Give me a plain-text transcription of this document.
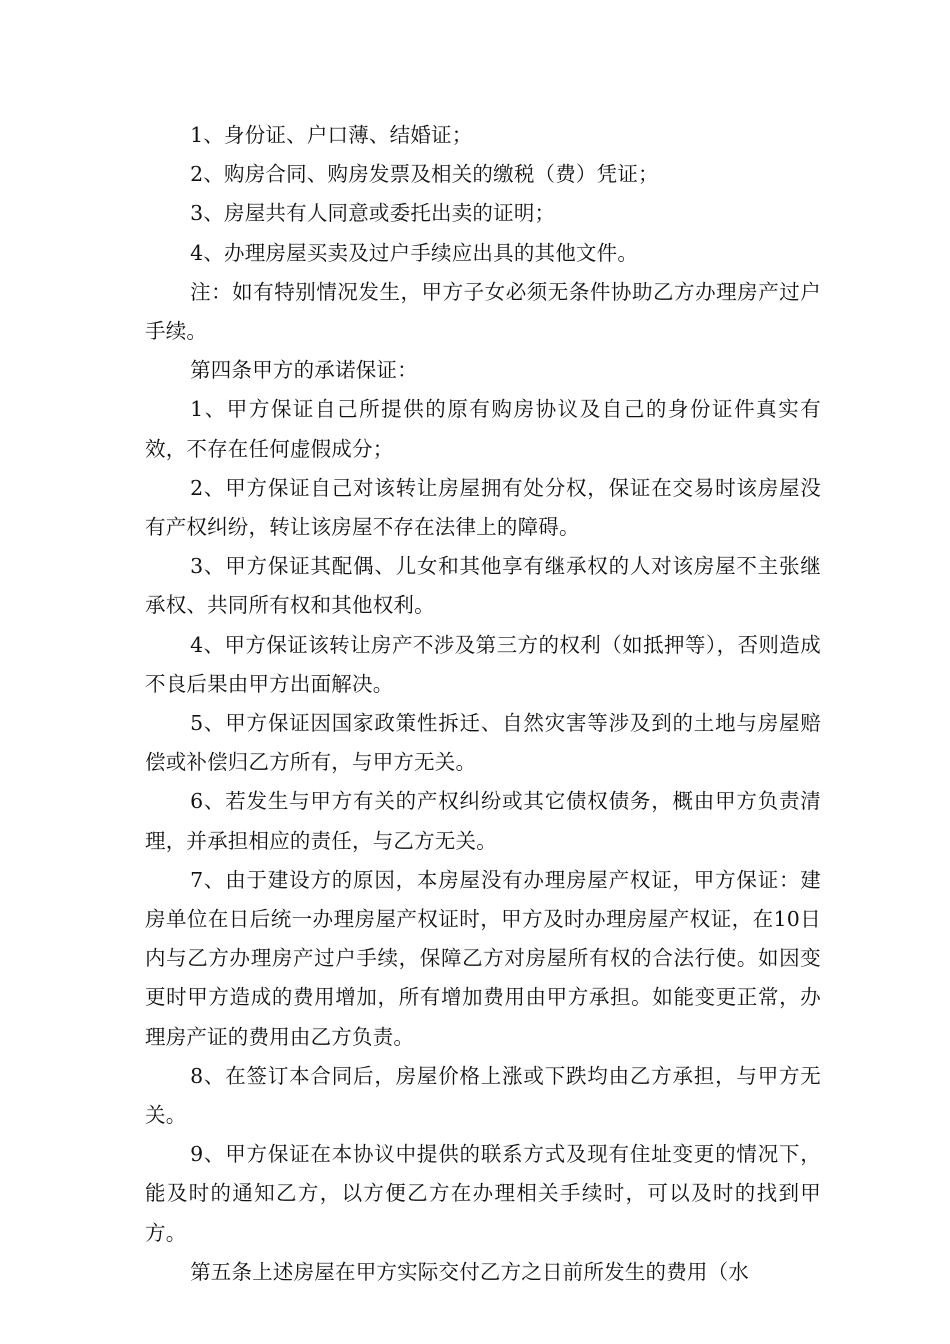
1、身份证、户口薄、结婚证；

2、购房合同、购房发票及相关的缴税（费）凭证；

3、房屋共有人同意或委托出卖的证明；

4、办理房屋买卖及过户手续应出具的其他文件。

注：如有特别情况发生，甲方子女必须无条件协助乙方办理房产过户手续。

第四条甲方的承诺保证：

1、甲方保证自己所提供的原有购房协议及自己的身份证件真实有效，不存在任何虚假成分；

2、甲方保证自己对该转让房屋拥有处分权，保证在交易时该房屋没有产权纠纷，转让该房屋不存在法律上的障碍。

3、甲方保证其配偶、儿女和其他享有继承权的人对该房屋不主张继承权、共同所有权和其他权利。

4、甲方保证该转让房产不涉及第三方的权利（如抵押等），否则造成不良后果由甲方出面解决。

5、甲方保证因国家政策性拆迁、自然灾害等涉及到的土地与房屋赔偿或补偿归乙方所有，与甲方无关。

6、若发生与甲方有关的产权纠纷或其它债权债务，概由甲方负责清理，并承担相应的责任，与乙方无关。

7、由于建设方的原因，本房屋没有办理房屋产权证，甲方保证：建房单位在日后统一办理房屋产权证时，甲方及时办理房屋产权证，在10日内与乙方办理房产过户手续，保障乙方对房屋所有权的合法行使。如因变更时甲方造成的费用增加，所有增加费用由甲方承担。如能变更正常，办理房产证的费用由乙方负责。

8、在签订本合同后，房屋价格上涨或下跌均由乙方承担，与甲方无关。

9、甲方保证在本协议中提供的联系方式及现有住址变更的情况下，能及时的通知乙方，以方便乙方在办理相关手续时，可以及时的找到甲方。

第五条上述房屋在甲方实际交付乙方之日前所发生的费用（水
